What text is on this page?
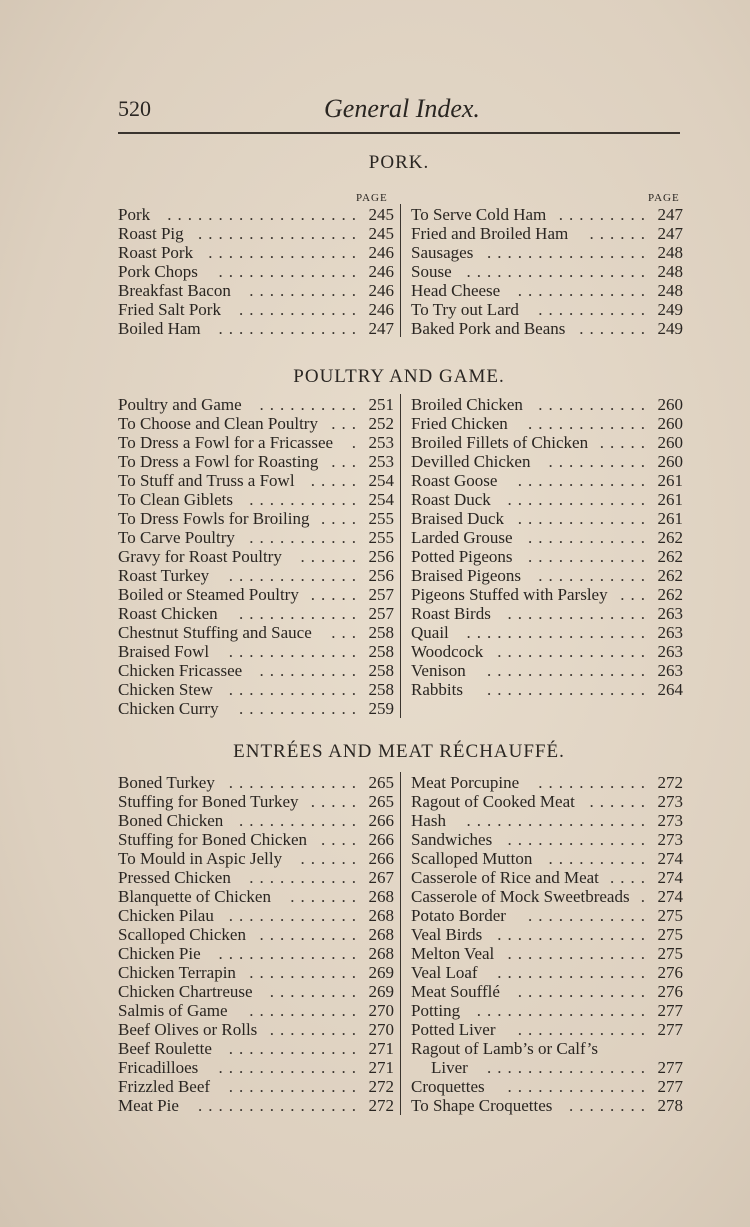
520	General Index.
PORK.
PAGE	PAGE
Pork ................... 245
Roast Pig ................ 245
Roast Pork ............... 246
Pork Chops .............. 246
Breakfast Bacon ........... 246
Fried Salt Pork ............ 246
Boiled Ham .............. 247
To Serve Cold Ham ......... 247
Fried and Broiled Ham ...... 247
Sausages ................ 248
Souse .................. 248
Head Cheese ............. 248
To Try out Lard ........... 249
Baked Pork and Beans ....... 249
POULTRY AND GAME.
Poultry and Game .......... 251
To Choose and Clean Poultry ... 252
To Dress a Fowl for a Fricassee . 253
To Dress a Fowl for Roasting ... 253
To Stuff and Truss a Fowl ..... 254
To Clean Giblets ........... 254
To Dress Fowls for Broiling .... 255
To Carve Poultry ........... 255
Gravy for Roast Poultry ...... 256
Roast Turkey ............. 256
Boiled or Steamed Poultry ..... 257
Roast Chicken ............ 257
Chestnut Stuffing and Sauce ... 258
Braised Fowl ............. 258
Chicken Fricassee .......... 258
Chicken Stew ............. 258
Chicken Curry ............ 259
Broiled Chicken ........... 260
Fried Chicken ............ 260
Broiled Fillets of Chicken ..... 260
Devilled Chicken .......... 260
Roast Goose ............. 261
Roast Duck .............. 261
Braised Duck ............. 261
Larded Grouse ............ 262
Potted Pigeons ............ 262
Braised Pigeons ........... 262
Pigeons Stuffed with Parsley ... 262
Roast Birds .............. 263
Quail .................. 263
Woodcock ............... 263
Venison ................ 263
Rabbits ................ 264
ENTRÉES AND MEAT RÉCHAUFFÉ.
Boned Turkey ............. 265
Stuffing for Boned Turkey ..... 265
Boned Chicken ............ 266
Stuffing for Boned Chicken .... 266
To Mould in Aspic Jelly ...... 266
Pressed Chicken ........... 267
Blanquette of Chicken ....... 268
Chicken Pilau ............. 268
Scalloped Chicken .......... 268
Chicken Pie .............. 268
Chicken Terrapin ........... 269
Chicken Chartreuse ......... 269
Salmis of Game ........... 270
Beef Olives or Rolls ......... 270
Beef Roulette ............. 271
Fricadilloes .............. 271
Frizzled Beef ............. 272
Meat Pie ................ 272
Meat Porcupine ........... 272
Ragout of Cooked Meat ...... 273
Hash .................. 273
Sandwiches .............. 273
Scalloped Mutton .......... 274
Casserole of Rice and Meat .... 274
Casserole of Mock Sweetbreads . 274
Potato Border ............ 275
Veal Birds ............... 275
Melton Veal .............. 275
Veal Loaf ............... 276
Meat Soufflé ............. 276
Potting ................. 277
Potted Liver ............. 277
Ragout of Lamb’s or Calf’s
Liver ................ 277
Croquettes .............. 277
To Shape Croquettes ........ 278
